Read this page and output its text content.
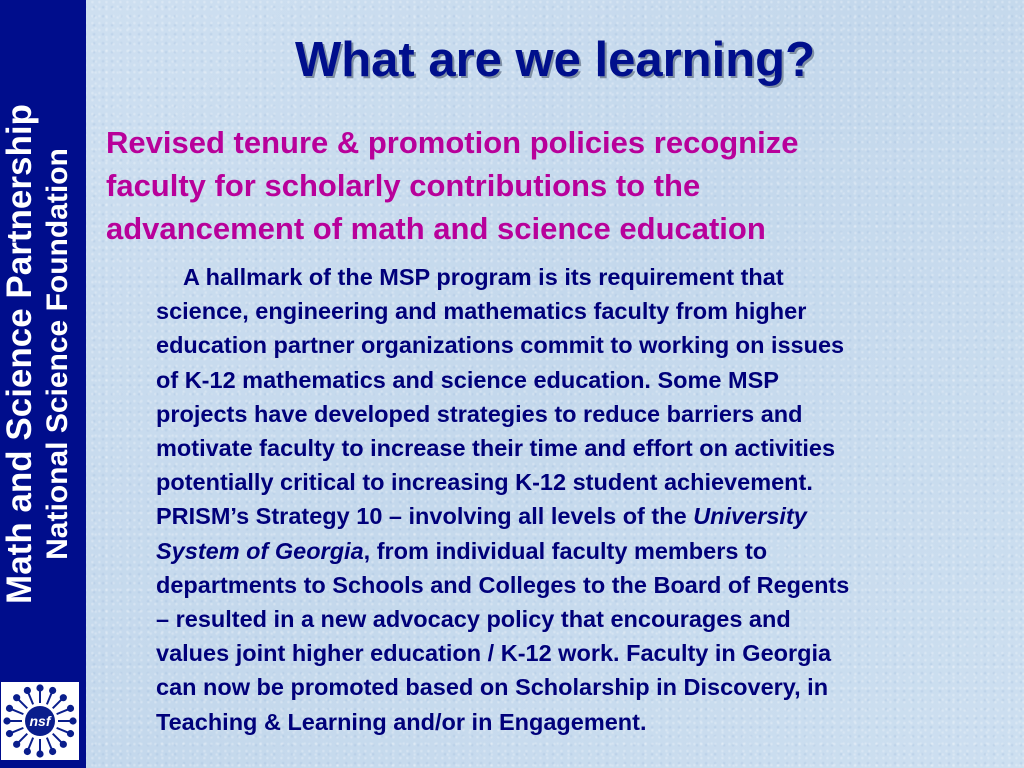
Math and Science Partnership National Science Foundation
nsf
What are we learning?
Revised tenure & promotion policies recognize
faculty for scholarly contributions to the
advancement of math and science education
A hallmark of the MSP program is its requirement that
science, engineering and mathematics faculty from higher
education partner organizations commit to working on issues
of K-12 mathematics and science education. Some MSP
projects have developed strategies to reduce barriers and
motivate faculty to increase their time and effort on activities
potentially critical to increasing K-12 student achievement.
PRISM’s Strategy 10 – involving all levels of the University
System of Georgia, from individual faculty members to
departments to Schools and Colleges to the Board of Regents
– resulted in a new advocacy policy that encourages and
values joint higher education / K-12 work. Faculty in Georgia
can now be promoted based on Scholarship in Discovery, in
Teaching & Learning and/or in Engagement.
